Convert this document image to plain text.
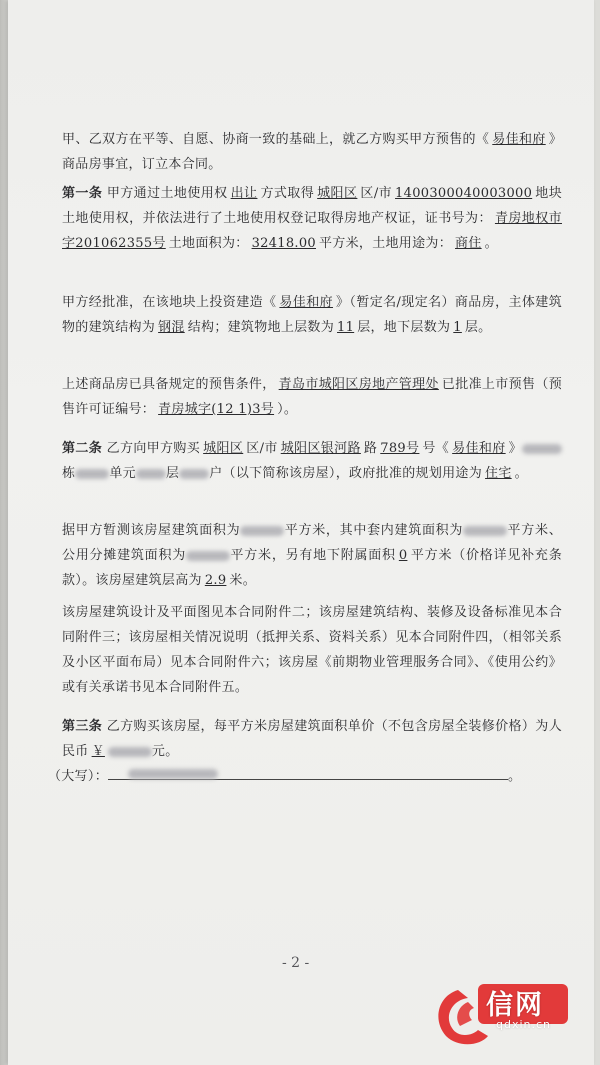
甲、乙双方在平等、自愿、协商一致的基础上，就乙方购买甲方预售的《 易佳和府 》商品房事宜，订立本合同。
第一条 甲方通过土地使用权 出让 方式取得 城阳区 区/市 1400300040003000 地块土地使用权，并依法进行了土地使用权登记取得房地产权证，证书号为： 青房地权市字201062355号 土地面积为： 32418.00 平方米，土地用途为： 商住 。
甲方经批准，在该地块上投资建造《 易佳和府 》（暂定名/现定名）商品房，主体建筑物的建筑结构为 钢混 结构；建筑物地上层数为 11 层，地下层数为 1 层。
上述商品房已具备规定的预售条件， 青岛市城阳区房地产管理处 已批准上市预售（预售许可证编号： 青房城字(12 1)3号 ）。
第二条 乙方向甲方购买 城阳区 区/市 城阳区银河路 路 789号 号《 易佳和府 》栋	单元 层 户（以下简称该房屋），政府批准的规划用途为 住宅 。
据甲方暂测该房屋建筑面积为	平方米，其中套内建筑面积为	平方米、公用分摊建筑面积为	平方米，另有地下附属面积 0 平方米（价格详见补充条款）。该房屋建筑层高为 2.9 米。
该房屋建筑设计及平面图见本合同附件二；该房屋建筑结构、装修及设备标准见本合同附件三；该房屋相关情况说明（抵押关系、资料关系）见本合同附件四，（相邻关系及小区平面布局）见本合同附件六；该房屋《前期物业管理服务合同》、《使用公约》或有关承诺书见本合同附件五。
第三条 乙方购买该房屋，每平方米房屋建筑面积单价（不包含房屋全装修价格）为人民币 ￥	元。
（大写）：	。
- 2 -
信网
qdxin.cn
